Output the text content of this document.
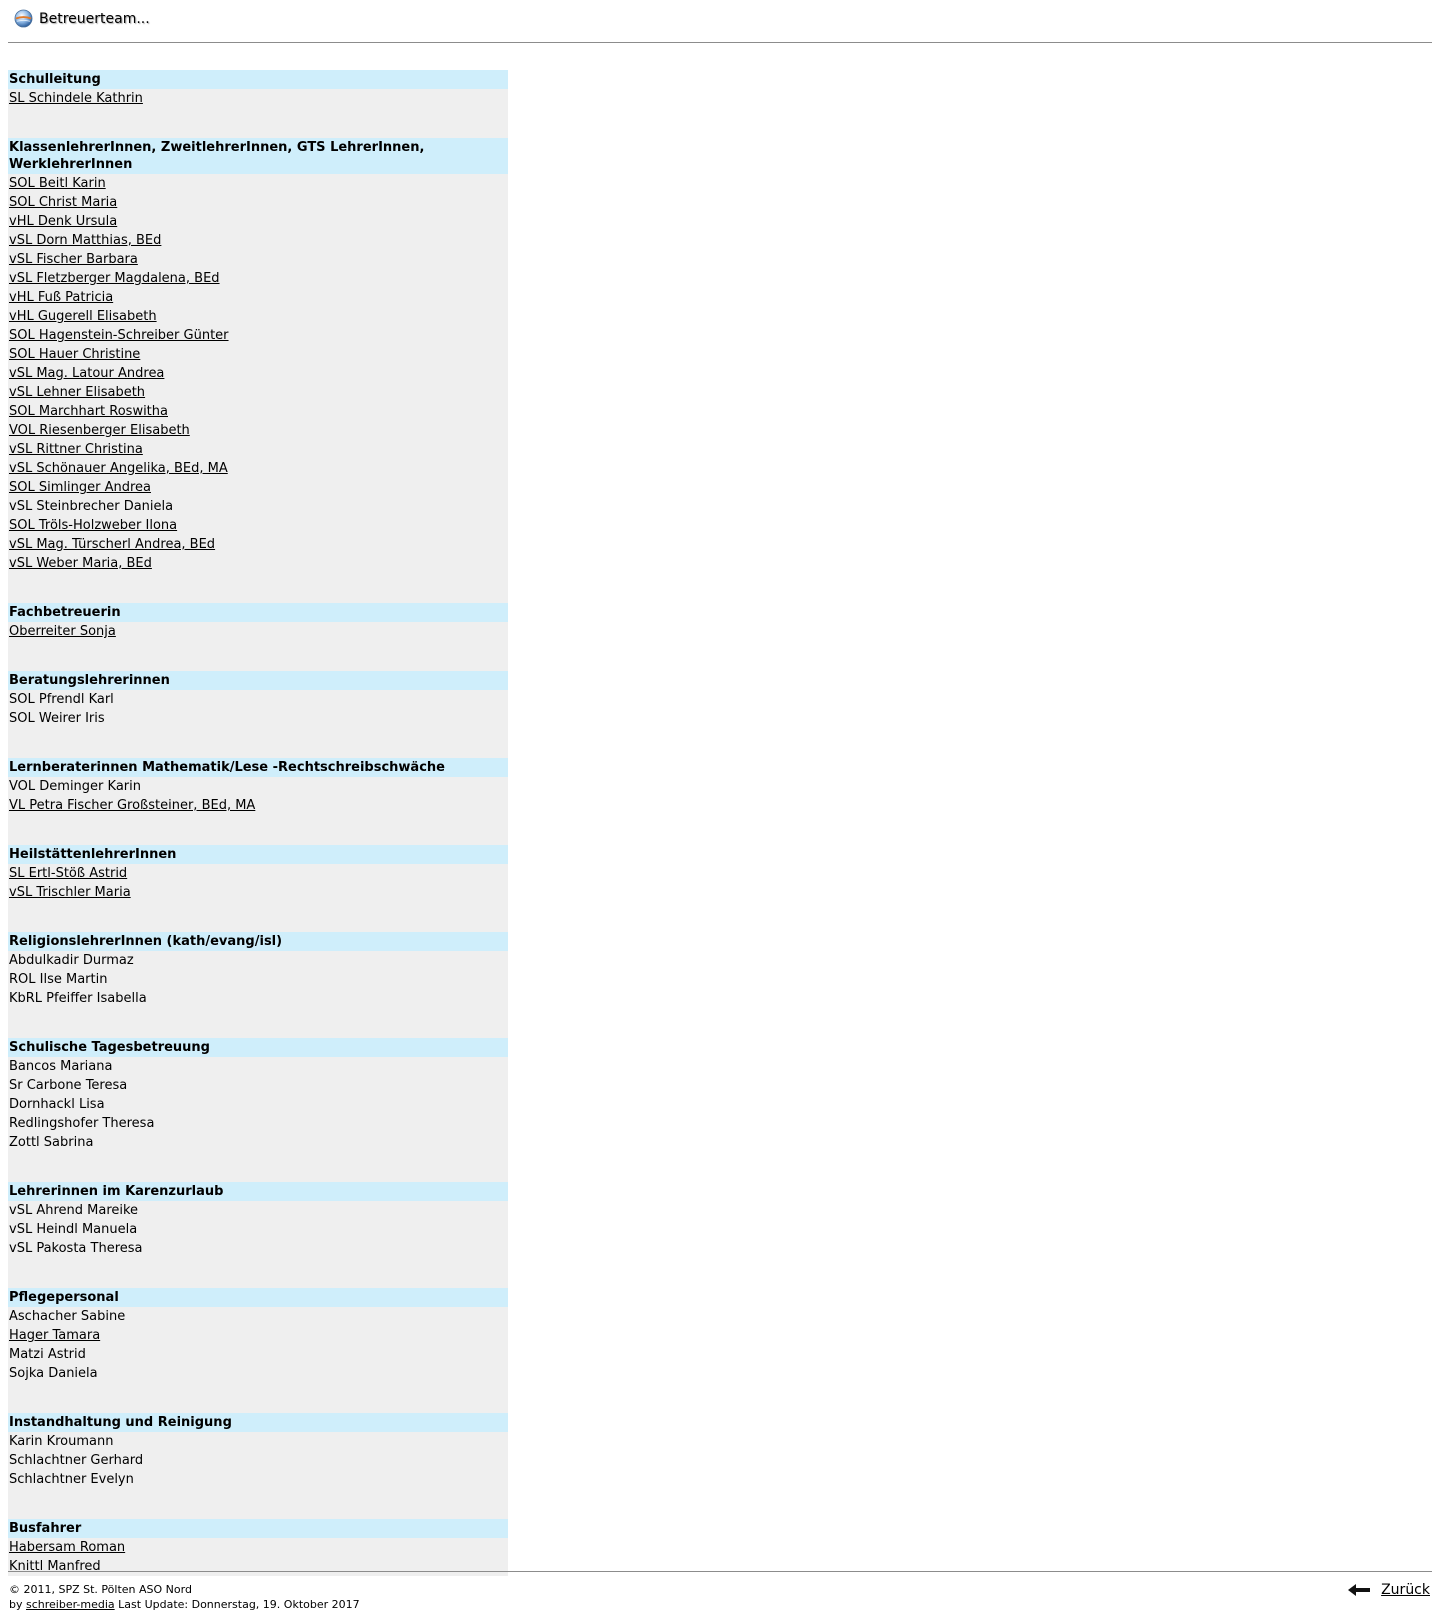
Betreuerteam...
Schulleitung
SL Schindele Kathrin
KlassenlehrerInnen, ZweitlehrerInnen, GTS LehrerInnen, WerklehrerInnen
SOL Beitl Karin
SOL Christ Maria
vHL Denk Ursula
vSL Dorn Matthias, BEd
vSL Fischer Barbara
vSL Fletzberger Magdalena, BEd
vHL Fuß Patricia
vHL Gugerell Elisabeth
SOL Hagenstein-Schreiber Günter
SOL Hauer Christine
vSL Mag. Latour Andrea
vSL Lehner Elisabeth
SOL Marchhart Roswitha
VOL Riesenberger Elisabeth
vSL Rittner Christina
vSL Schönauer Angelika, BEd, MA
SOL Simlinger Andrea
vSL Steinbrecher Daniela
SOL Tröls-Holzweber Ilona
vSL Mag. Türscherl Andrea, BEd
vSL Weber Maria, BEd
Fachbetreuerin
Oberreiter Sonja
Beratungslehrerinnen
SOL Pfrendl Karl
SOL Weirer Iris
Lernberaterinnen Mathematik/Lese -Rechtschreibschwäche
VOL Deminger Karin
VL Petra Fischer Großsteiner, BEd, MA
HeilstättenlehrerInnen
SL Ertl-Stöß Astrid
vSL Trischler Maria
ReligionslehrerInnen (kath/evang/isl)
Abdulkadir Durmaz
ROL Ilse Martin
KbRL Pfeiffer Isabella
Schulische Tagesbetreuung
Bancos Mariana
Sr Carbone Teresa
Dornhackl Lisa
Redlingshofer Theresa
Zottl Sabrina
Lehrerinnen im Karenzurlaub
vSL Ahrend Mareike
vSL Heindl Manuela
vSL Pakosta Theresa
Pflegepersonal
Aschacher Sabine
Hager Tamara
Matzi Astrid
Sojka Daniela
Instandhaltung und Reinigung
Karin Kroumann
Schlachtner Gerhard
Schlachtner Evelyn
Busfahrer
Habersam Roman
Knittl Manfred
© 2011, SPZ St. Pölten ASO Nord
by schreiber-media Last Update: Donnerstag, 19. Oktober 2017
Zurück
